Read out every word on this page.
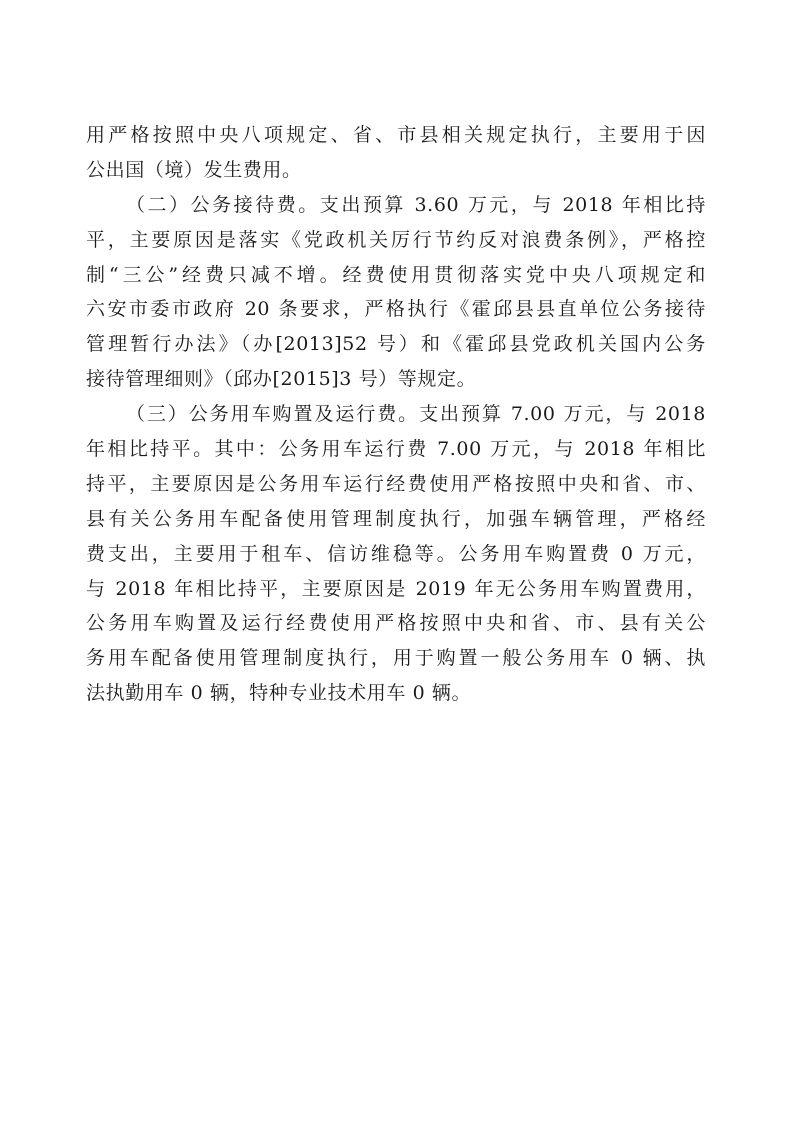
用严格按照中央八项规定、省、市县相关规定执行，主要用于因
公出国（境）发生费用。
（二）公务接待费。支出预算 3.60 万元，与 2018 年相比持
平，主要原因是落实《党政机关厉行节约反对浪费条例》，严格控
制“三公”经费只减不增。经费使用贯彻落实党中央八项规定和
六安市委市政府 20 条要求，严格执行《霍邱县县直单位公务接待
管理暂行办法》（办[2013]52 号）和《霍邱县党政机关国内公务
接待管理细则》（邱办[2015]3 号）等规定。
（三）公务用车购置及运行费。支出预算 7.00 万元，与 2018
年相比持平。其中：公务用车运行费 7.00 万元，与 2018 年相比
持平，主要原因是公务用车运行经费使用严格按照中央和省、市、
县有关公务用车配备使用管理制度执行，加强车辆管理，严格经
费支出，主要用于租车、信访维稳等。公务用车购置费 0 万元，
与 2018 年相比持平，主要原因是 2019 年无公务用车购置费用，
公务用车购置及运行经费使用严格按照中央和省、市、县有关公
务用车配备使用管理制度执行，用于购置一般公务用车 0 辆、执
法执勤用车 0 辆，特种专业技术用车 0 辆。
